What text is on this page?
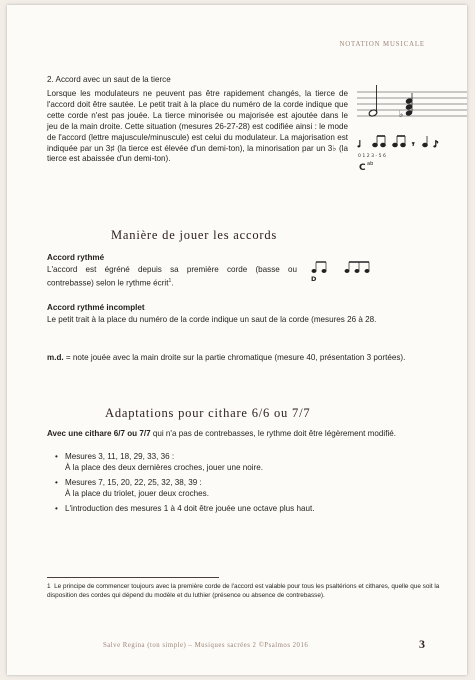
NOTATION MUSICALE
2. Accord avec un saut de la tierce
Lorsque les modulateurs ne peuvent pas être rapidement changés, la tierce de l'accord doit être sautée. Le petit trait à la place du numéro de la corde indique que cette corde n'est pas jouée. La tierce minorisée ou majorisée est ajoutée dans le jeu de la main droite. Cette situation (mesures 26-27-28) est codifiée ainsi : le mode de l'accord (lettre majuscule/minuscule) est celui du modulateur. La majorisation est indiquée par un 3♯ (la tierce est élevée d'un demi-ton), la minorisation par un 3♭ (la tierce est abaissée d'un demi-ton).
♭
♩	𝄾 ♪
0 1 2 3 - 5 6
C ab
Manière de jouer les accords
Accord rythmé
L'accord est égréné depuis sa première corde (basse ou contrebasse) selon le rythme écrit$^1$.	D
Accord rythmé incomplet
Le petit trait à la place du numéro de la corde indique un saut de la corde (mesures 26 à 28.
m.d. = note jouée avec la main droite sur la partie chromatique (mesure 40, présentation 3 portées).
Adaptations pour cithare 6/6 ou 7/7
Avec une cithare 6/7 ou 7/7 qui n'a pas de contrebasses, le rythme doit être légèrement modifié.
• Mesures 3, 11, 18, 29, 33, 36 :
À la place des deux dernières croches, jouer une noire.
• Mesures 7, 15, 20, 22, 25, 32, 38, 39 :
À la place du triolet, jouer deux croches.
• L'introduction des mesures 1 à 4 doit être jouée une octave plus haut.
1 Le principe de commencer toujours avec la première corde de l'accord est valable pour tous les psaltérions et cithares, quelle que soit la disposition des cordes qui dépend du modèle et du luthier (présence ou absence de contrebasse).
Salve Regina (ton simple) – Musiques sacrées 2 ©Psalmos 2016	3
